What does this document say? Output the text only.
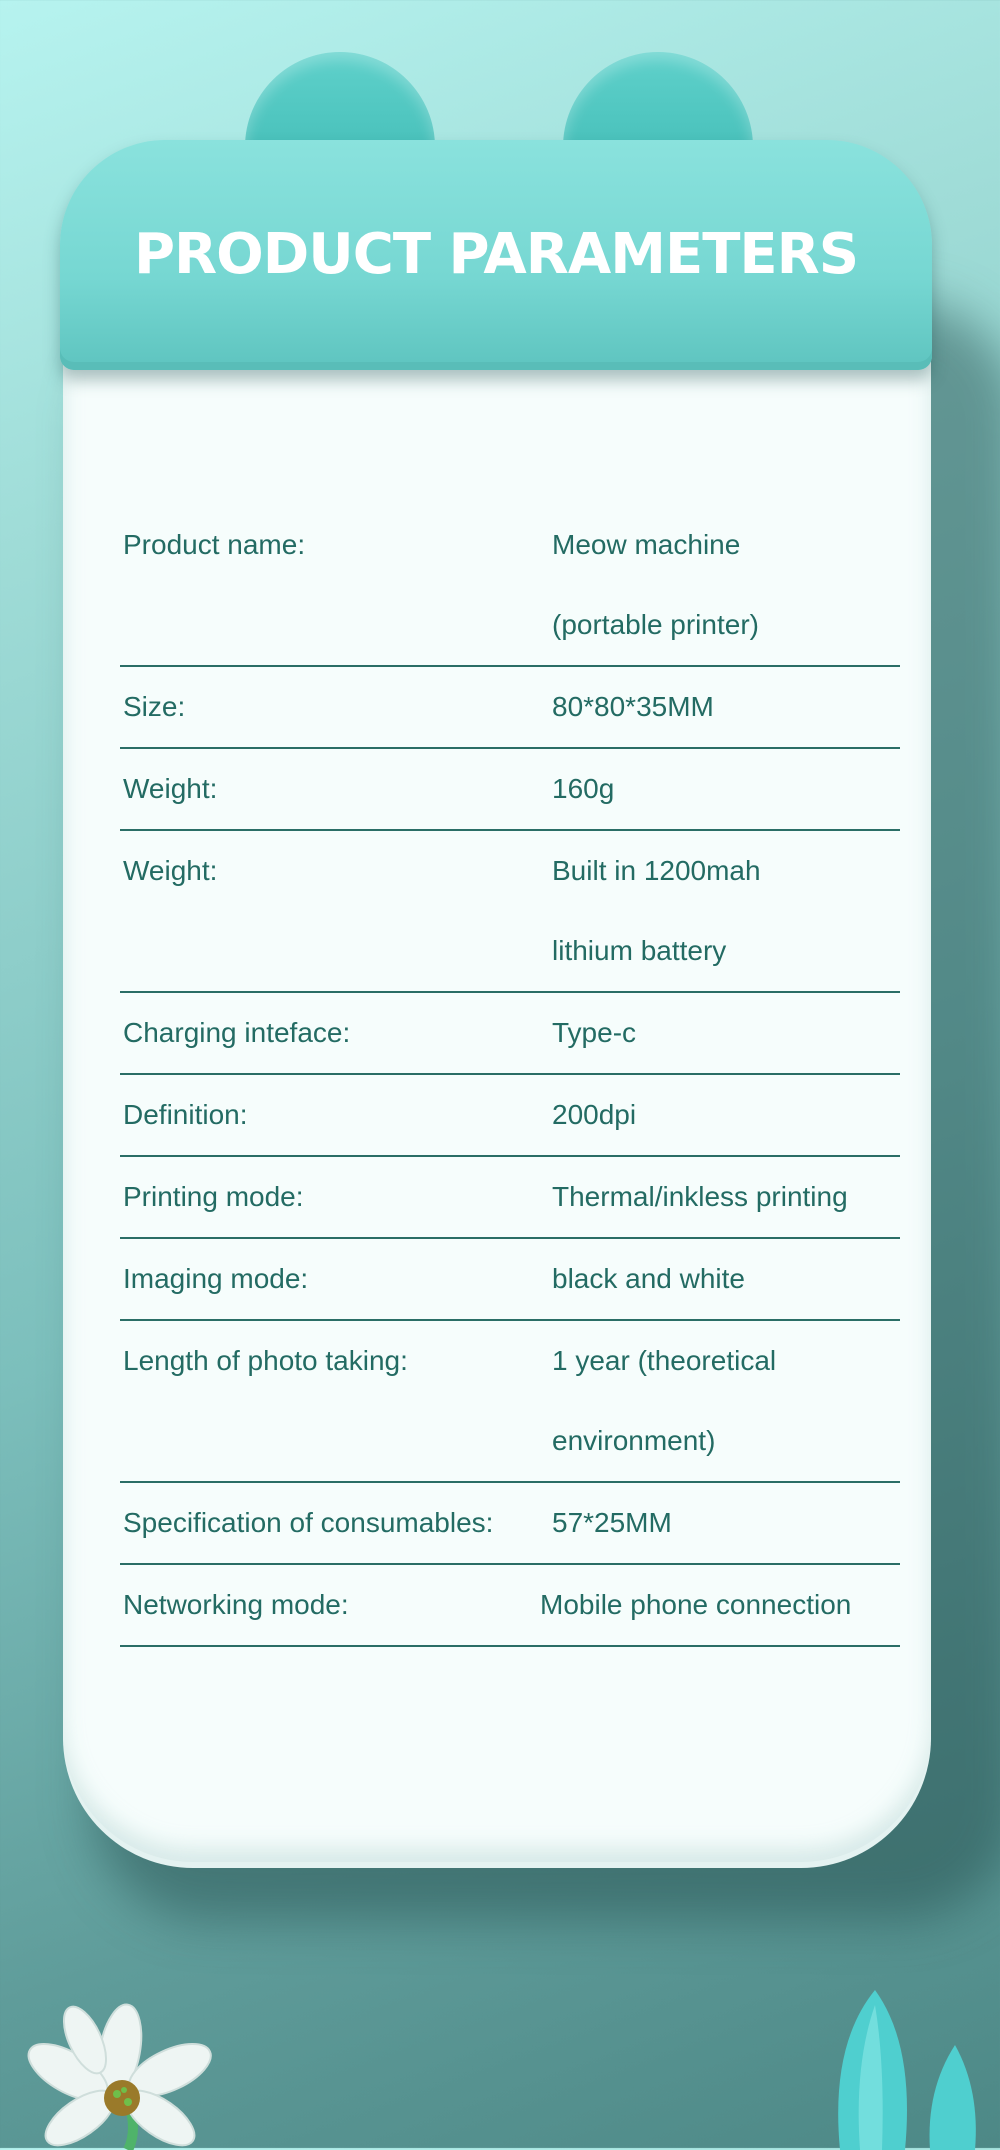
PRODUCT PARAMETERS
Product name:	Meow machine
(portable printer)
Size:	80*80*35MM
Weight:	160g
Weight:	Built in 1200mah
lithium battery
Charging inteface:	Type-c
Definition:	200dpi
Printing mode:	Thermal/inkless printing
Imaging mode:	black and white
Length of photo taking:	1 year (theoretical
environment)
Specification of consumables: 57*25MM
Networking mode:	Mobile phone connection
